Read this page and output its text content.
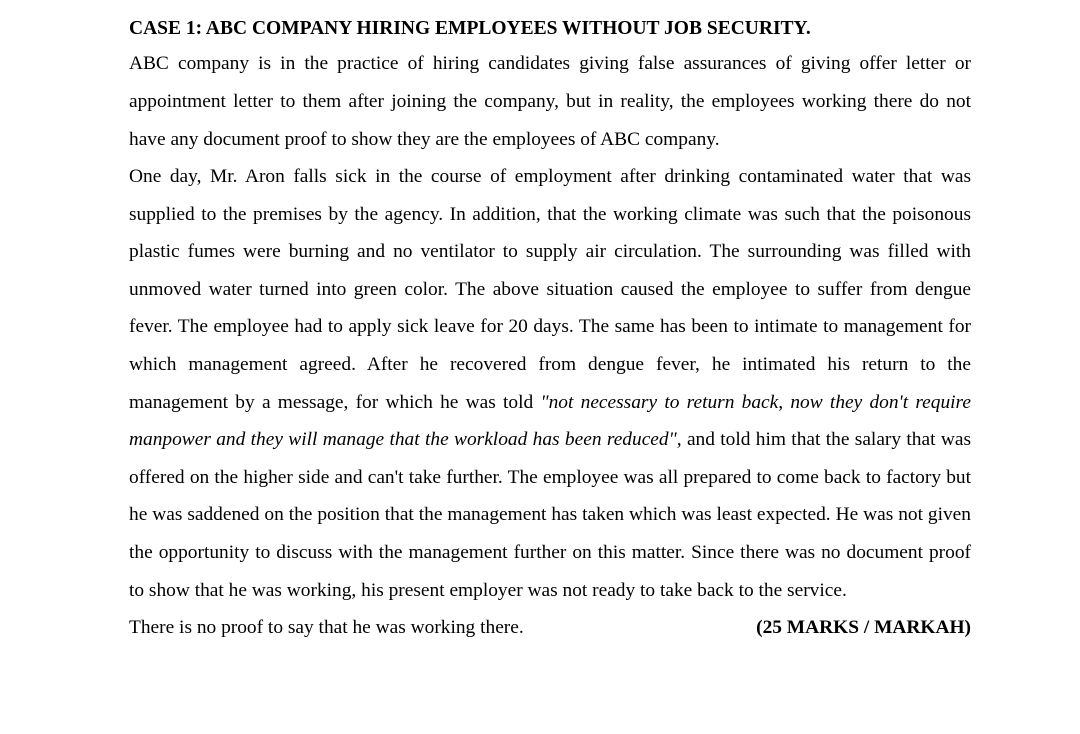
CASE 1: ABC COMPANY HIRING EMPLOYEES WITHOUT JOB SECURITY.

ABC company is in the practice of hiring candidates giving false assurances of giving offer letter or appointment letter to them after joining the company, but in reality, the employees working there do not have any document proof to show they are the employees of ABC company.

One day, Mr. Aron falls sick in the course of employment after drinking contaminated water that was supplied to the premises by the agency. In addition, that the working climate was such that the poisonous plastic fumes were burning and no ventilator to supply air circulation. The surrounding was filled with unmoved water turned into green color. The above situation caused the employee to suffer from dengue fever. The employee had to apply sick leave for 20 days. The same has been to intimate to management for which management agreed. After he recovered from dengue fever, he intimated his return to the management by a message, for which he was told "not necessary to return back, now they don't require manpower and they will manage that the workload has been reduced", and told him that the salary that was offered on the higher side and can't take further. The employee was all prepared to come back to factory but he was saddened on the position that the management has taken which was least expected. He was not given the opportunity to discuss with the management further on this matter. Since there was no document proof to show that he was working, his present employer was not ready to take back to the service.

There is no proof to say that he was working there.	(25 MARKS / MARKAH)
